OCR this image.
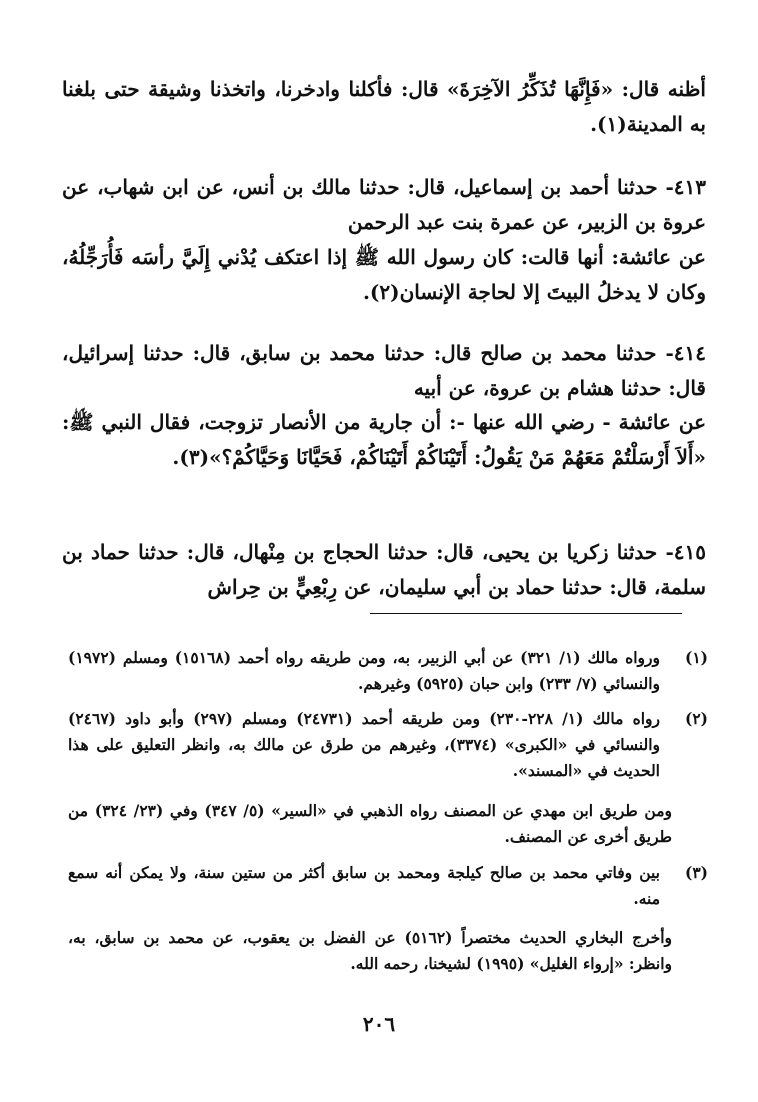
أظنه قال: «فَإِنَّهَا تُذَكِّرُ الآخِرَةَ» قال: فأكلنا وادخرنا، واتخذنا وشيقة حتى بلغنا به المدينة(١).
٤١٣- حدثنا أحمد بن إسماعيل، قال: حدثنا مالك بن أنس، عن ابن شهاب، عن عروة بن الزبير، عن عمرة بنت عبد الرحمن
عن عائشة: أنها قالت: كان رسول الله ﷺ إذا اعتكف يُدْني إِلَيَّ رأسَه فَأُرَجِّلُهُ، وكان لا يدخلُ البيتَ إلا لحاجة الإنسان(٢).
٤١٤- حدثنا محمد بن صالح قال: حدثنا محمد بن سابق، قال: حدثنا إسرائيل، قال: حدثنا هشام بن عروة، عن أبيه
عن عائشة - رضي الله عنها -: أن جارية من الأنصار تزوجت، فقال النبي ﷺ: «أَلاَ أَرْسَلْتُمْ مَعَهُمْ مَنْ يَقُولُ: أَتَيْنَاكُمْ أَتَيْنَاكُمْ، فَحَيَّانَا وَحَيَّاكُمْ؟»(٣).
٤١٥- حدثنا زكريا بن يحيى، قال: حدثنا الحجاج بن مِنْهال، قال: حدثنا حماد بن سلمة، قال: حدثنا حماد بن أبي سليمان، عن رِبْعِيٍّ بن حِراش
(١)
ورواه مالك (١/ ٣٢١) عن أبي الزبير، به، ومن طريقه رواه أحمد (١٥١٦٨) ومسلم (١٩٧٢) والنسائي (٧/ ٢٣٣) وابن حبان (٥٩٢٥) وغيرهم.
(٢)
رواه مالك (١/ ٢٢٨-٢٣٠) ومن طريقه أحمد (٢٤٧٣١) ومسلم (٢٩٧) وأبو داود (٢٤٦٧) والنسائي في «الكبرى» (٣٣٧٤)، وغيرهم من طرق عن مالك به، وانظر التعليق على هذا الحديث في «المسند».
ومن طريق ابن مهدي عن المصنف رواه الذهبي في «السير» (٥/ ٣٤٧) وفي (٢٣/ ٣٢٤) من طريق أخرى عن المصنف.
(٣)
بين وفاتي محمد بن صالح كيلجة ومحمد بن سابق أكثر من ستين سنة، ولا يمكن أنه سمع منه.
وأخرج البخاري الحديث مختصراً (٥١٦٢) عن الفضل بن يعقوب، عن محمد بن سابق، به، وانظر: «إرواء الغليل» (١٩٩٥) لشيخنا، رحمه الله.
٢٠٦
